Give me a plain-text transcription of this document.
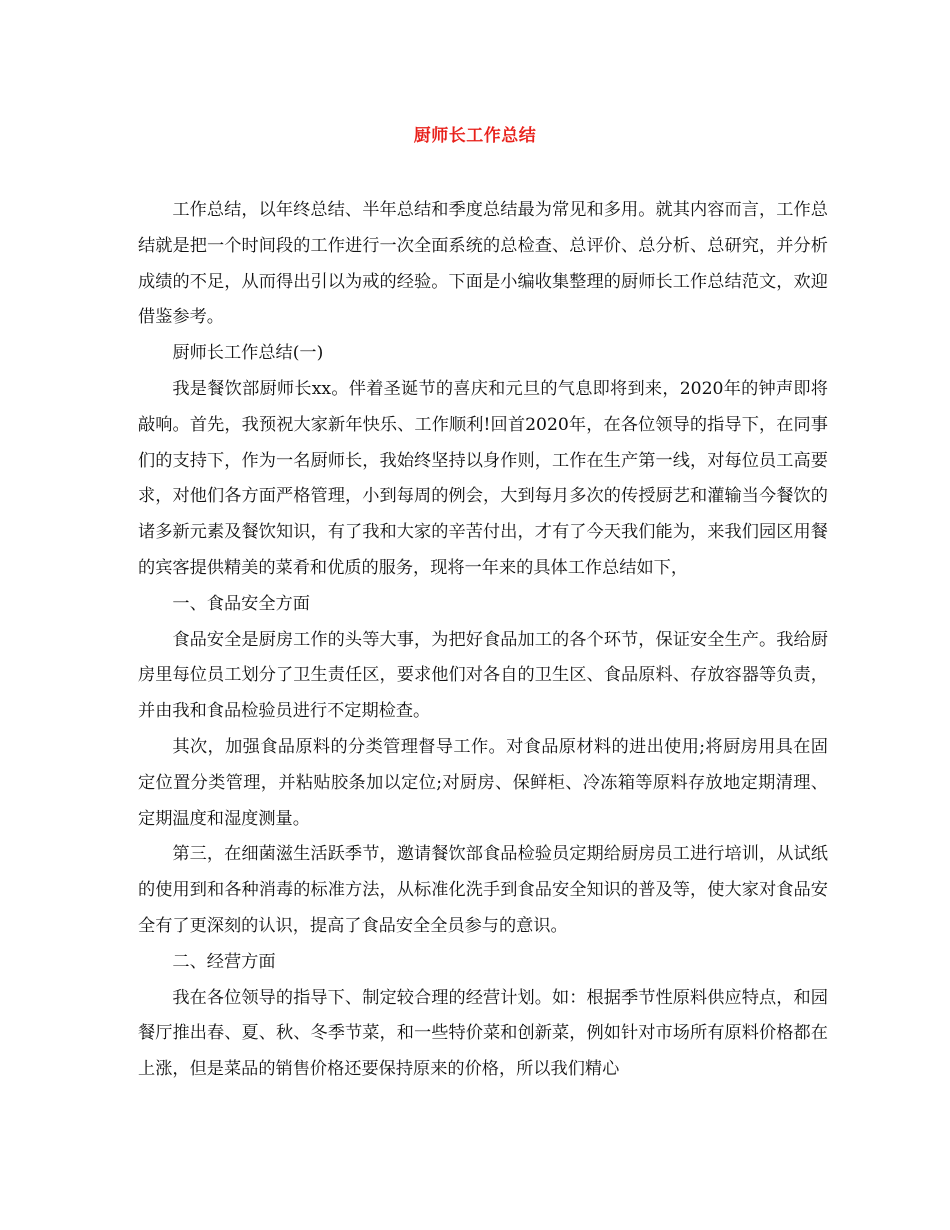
厨师长工作总结

工作总结，以年终总结、半年总结和季度总结最为常见和多用。就其内容而言，工作总结就是把一个时间段的工作进行一次全面系统的总检查、总评价、总分析、总研究，并分析成绩的不足，从而得出引以为戒的经验。下面是小编收集整理的厨师长工作总结范文，欢迎借鉴参考。

厨师长工作总结(一)

我是餐饮部厨师长xx。伴着圣诞节的喜庆和元旦的气息即将到来，2020年的钟声即将敲响。首先，我预祝大家新年快乐、工作顺利!回首2020年，在各位领导的指导下，在同事们的支持下，作为一名厨师长，我始终坚持以身作则，工作在生产第一线，对每位员工高要求，对他们各方面严格管理，小到每周的例会，大到每月多次的传授厨艺和灌输当今餐饮的诸多新元素及餐饮知识，有了我和大家的辛苦付出，才有了今天我们能为，来我们园区用餐的宾客提供精美的菜肴和优质的服务，现将一年来的具体工作总结如下，

一、食品安全方面

食品安全是厨房工作的头等大事，为把好食品加工的各个环节，保证安全生产。我给厨房里每位员工划分了卫生责任区，要求他们对各自的卫生区、食品原料、存放容器等负责，并由我和食品检验员进行不定期检查。

其次，加强食品原料的分类管理督导工作。对食品原材料的进出使用;将厨房用具在固定位置分类管理，并粘贴胶条加以定位;对厨房、保鲜柜、冷冻箱等原料存放地定期清理、定期温度和湿度测量。

第三，在细菌滋生活跃季节，邀请餐饮部食品检验员定期给厨房员工进行培训，从试纸的使用到和各种消毒的标准方法，从标准化洗手到食品安全知识的普及等，使大家对食品安全有了更深刻的认识，提高了食品安全全员参与的意识。

二、经营方面

我在各位领导的指导下、制定较合理的经营计划。如：根据季节性原料供应特点，和园餐厅推出春、夏、秋、冬季节菜，和一些特价菜和创新菜，例如针对市场所有原料价格都在上涨，但是菜品的销售价格还要保持原来的价格，所以我们精心
